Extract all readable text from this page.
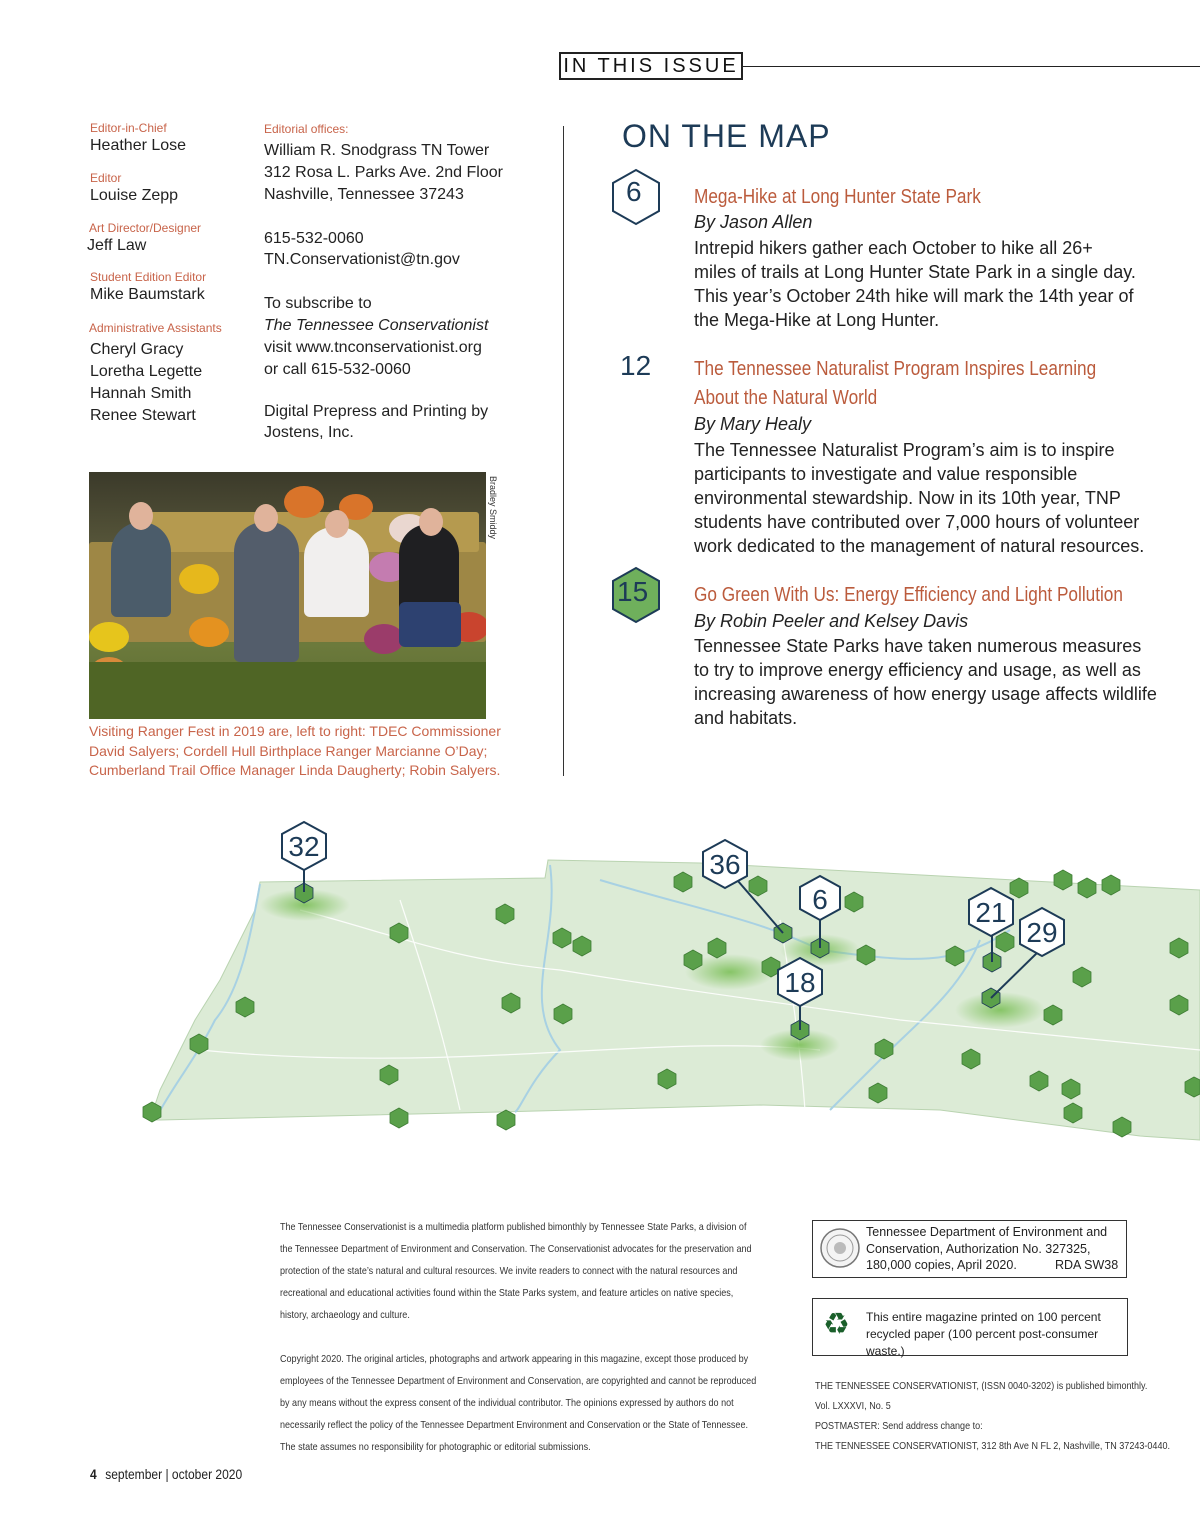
IN THIS ISSUE
Editor-in-Chief
Heather Lose
Editor
Louise Zepp
Art Director/Designer
Jeff Law
Student Edition Editor
Mike Baumstark
Administrative Assistants
Cheryl Gracy
Loretha Legette
Hannah Smith
Renee Stewart
Editorial offices:
William R. Snodgrass TN Tower
312 Rosa L. Parks Ave. 2nd Floor
Nashville, Tennessee 37243
615-532-0060
TN.Conservationist@tn.gov
To subscribe to
The Tennessee Conservationist
visit www.tnconservationist.org
or call 615-532-0060
Digital Prepress and Printing by
Jostens, Inc.
Bradley Smiddy
Visiting Ranger Fest in 2019 are, left to right: TDEC Commissioner
David Salyers; Cordell Hull Birthplace Ranger Marcianne O’Day;
Cumberland Trail Office Manager Linda Daugherty; Robin Salyers.
ON THE MAP
6	Mega-Hike at Long Hunter State Park
By Jason Allen
Intrepid hikers gather each October to hike all 26+
miles of trails at Long Hunter State Park in a single day.
This year’s October 24th hike will mark the 14th year of
the Mega-Hike at Long Hunter.
12 The Tennessee Naturalist Program Inspires Learning
About the Natural World
By Mary Healy
The Tennessee Naturalist Program’s aim is to inspire
participants to investigate and value responsible
environmental stewardship. Now in its 10th year, TNP
students have contributed over 7,000 hours of volunteer
work dedicated to the management of natural resources.
15 Go Green With Us: Energy Efficiency and Light Pollution
By Robin Peeler and Kelsey Davis
Tennessee State Parks have taken numerous measures
to try to improve energy efficiency and usage, as well as
increasing awareness of how energy usage affects wildlife
and habitats.
32
36
6
18
21
29
The Tennessee Conservationist is a multimedia platform published bimonthly by Tennessee State Parks, a division of
the Tennessee Department of Environment and Conservation. The Conservationist advocates for the preservation and
protection of the state’s natural and cultural resources. We invite readers to connect with the natural resources and
recreational and educational activities found within the State Parks system, and feature articles on native species,
history, archaeology and culture.
Copyright 2020. The original articles, photographs and artwork appearing in this magazine, except those produced by
employees of the Tennessee Department of Environment and Conservation, are copyrighted and cannot be reproduced
by any means without the express consent of the individual contributor. The opinions expressed by authors do not
necessarily reflect the policy of the Tennessee Department Environment and Conservation or the State of Tennessee.
The state assumes no responsibility for photographic or editorial submissions.
Tennessee Department of Environment and
Conservation, Authorization No. 327325,
180,000 copies, April 2020.	RDA SW38
♻ This entire magazine printed on 100 percent
recycled paper (100 percent post-consumer waste.)
THE TENNESSEE CONSERVATIONIST, (ISSN 0040-3202) is published bimonthly.
Vol. LXXXVI, No. 5
POSTMASTER: Send address change to:
THE TENNESSEE CONSERVATIONIST, 312 8th Ave N FL 2, Nashville, TN 37243-0440.
4 september | october 2020
